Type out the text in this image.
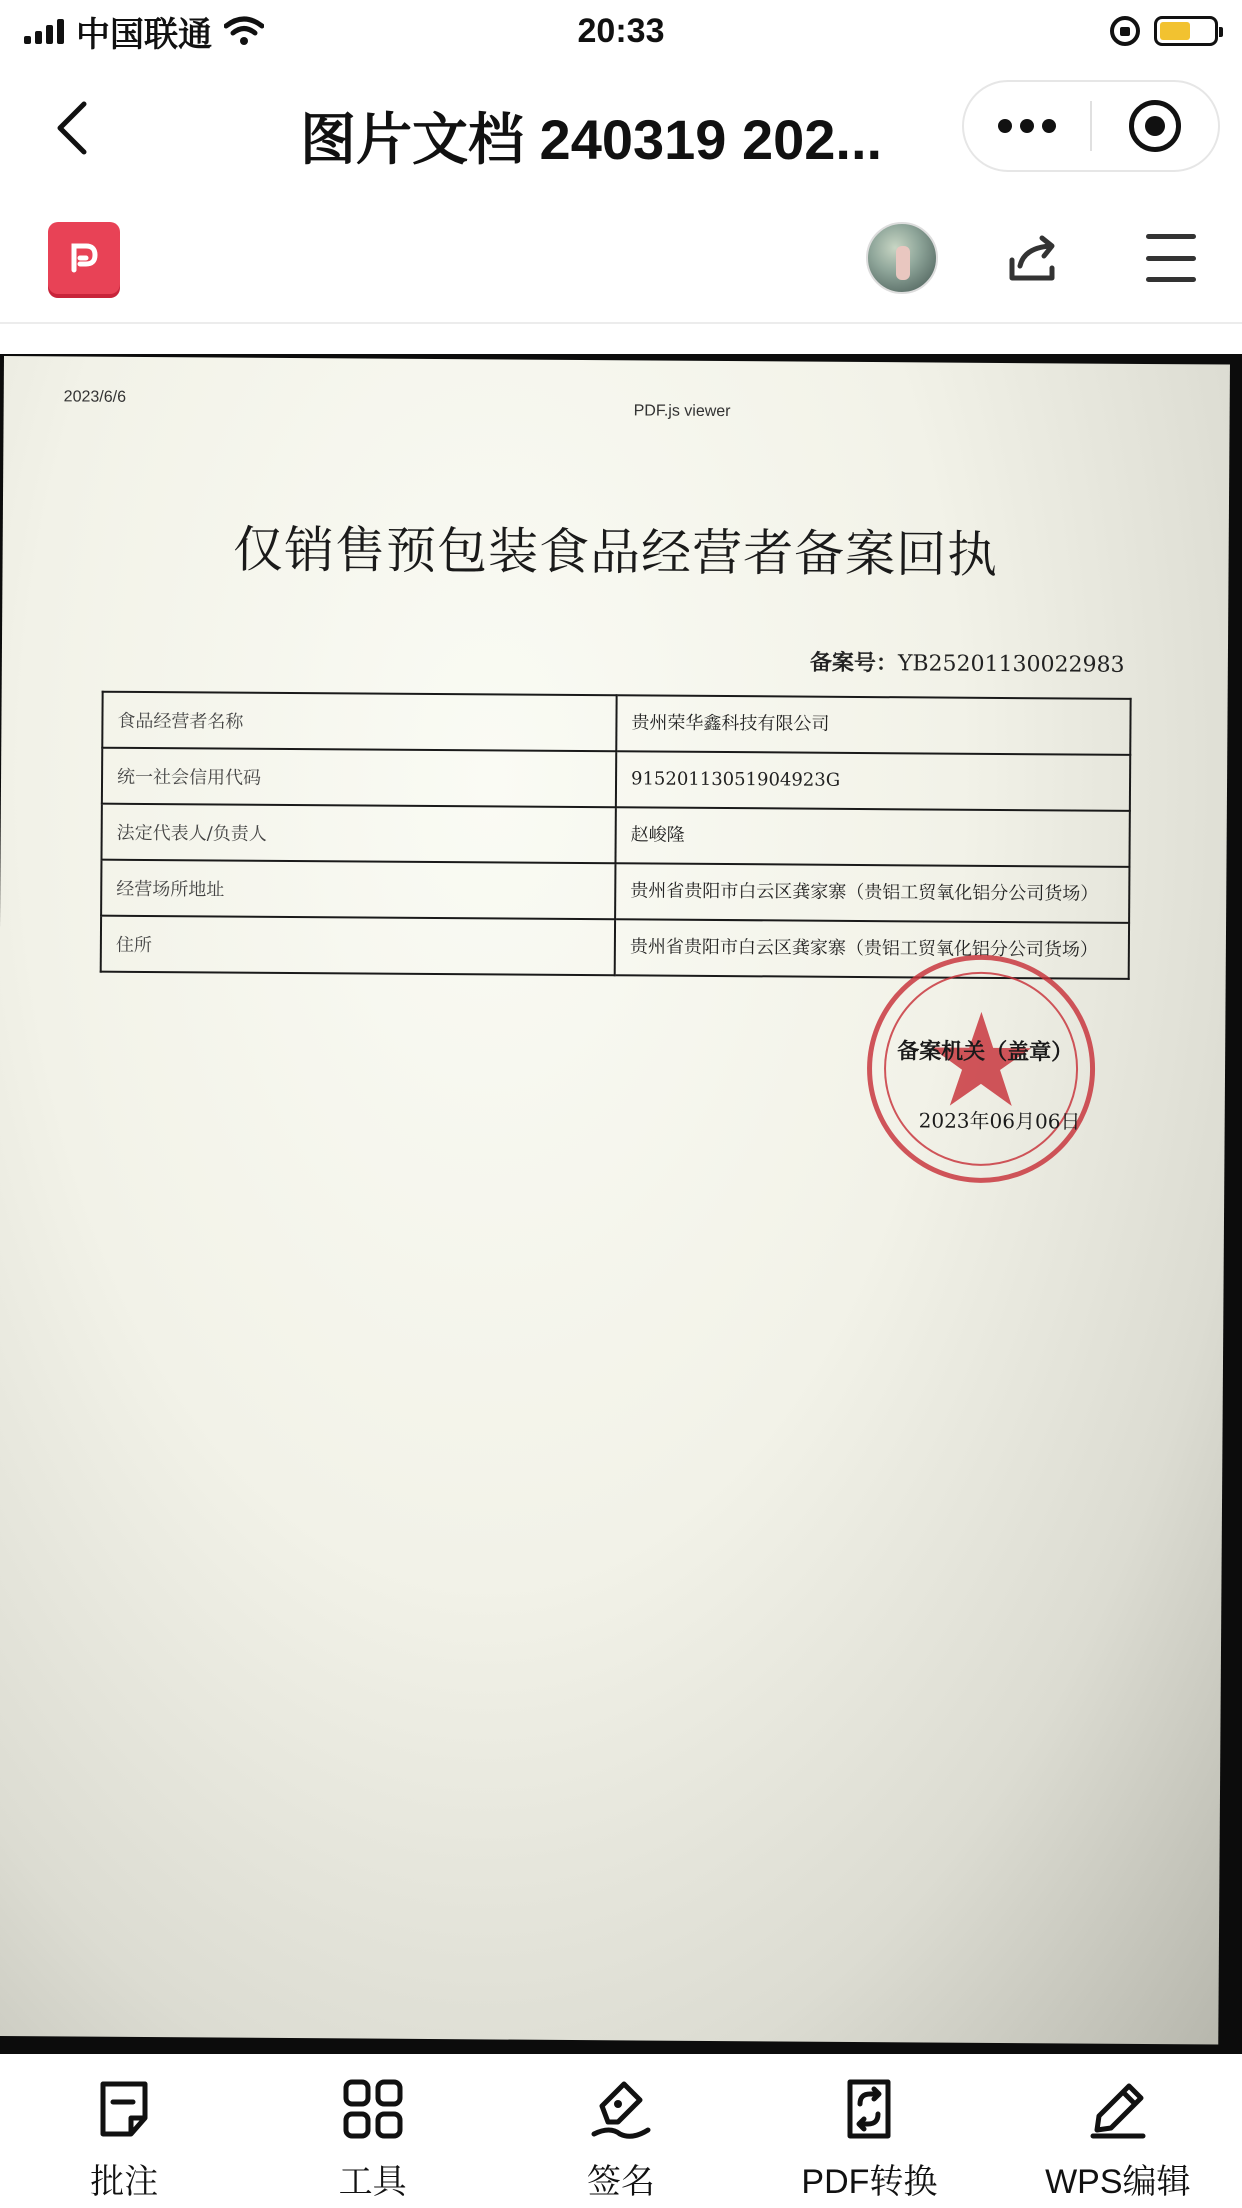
中国联通	20:33
图片文档 240319 202...
2023/6/6
PDF.js viewer
仅销售预包装食品经营者备案回执
备案号：YB25201130022983
食品经营者名称	贵州荣华鑫科技有限公司
统一社会信用代码	91520113051904923G
法定代表人/负责人	赵峻隆
经营场所地址	贵州省贵阳市白云区龚家寨（贵铝工贸氧化铝分公司货场）
住所	贵州省贵阳市白云区龚家寨（贵铝工贸氧化铝分公司货场）
备案机关（盖章）
2023年06月06日
批注	工具	签名	PDF转换	WPS编辑
